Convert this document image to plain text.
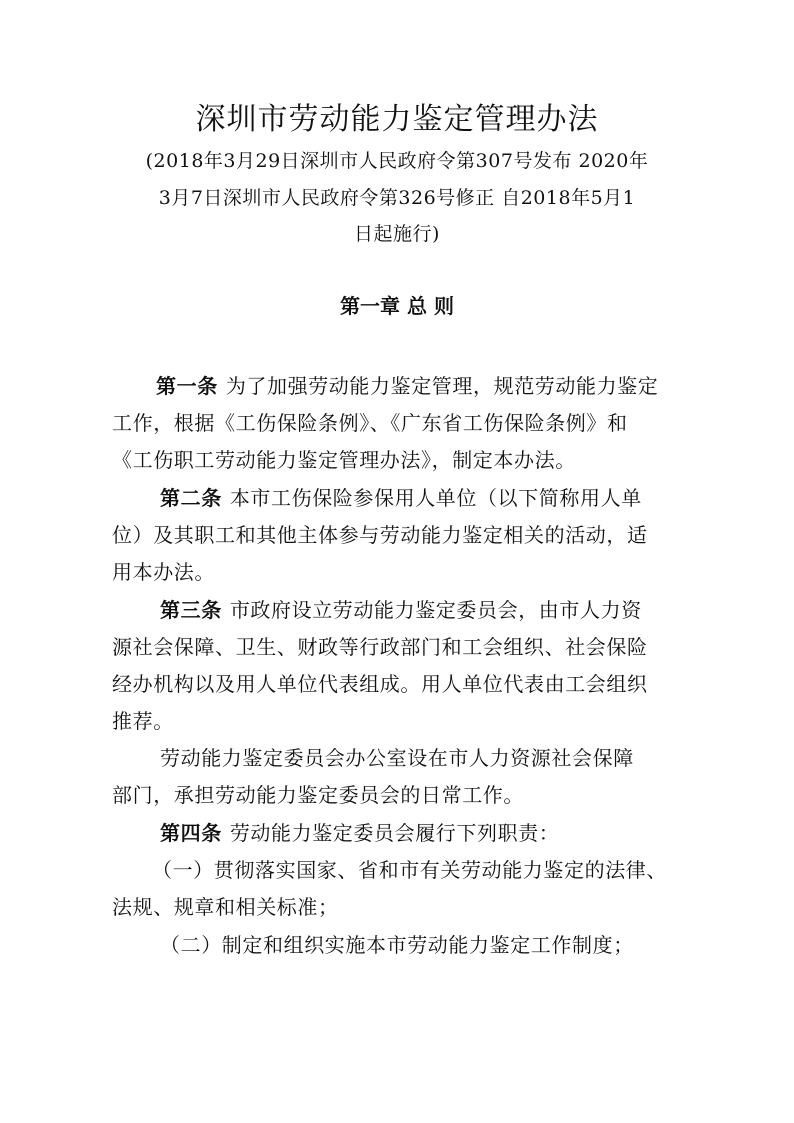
深圳市劳动能力鉴定管理办法
(2018年3月29日深圳市人民政府令第307号发布 2020年
3月7日深圳市人民政府令第326号修正 自2018年5月1
日起施行)
第一章 总 则
第一条 为了加强劳动能力鉴定管理，规范劳动能力鉴定
工作，根据《工伤保险条例》、《广东省工伤保险条例》和
《工伤职工劳动能力鉴定管理办法》，制定本办法。
第二条 本市工伤保险参保用人单位（以下简称用人单
位）及其职工和其他主体参与劳动能力鉴定相关的活动，适
用本办法。
第三条 市政府设立劳动能力鉴定委员会，由市人力资
源社会保障、卫生、财政等行政部门和工会组织、社会保险
经办机构以及用人单位代表组成。用人单位代表由工会组织
推荐。
劳动能力鉴定委员会办公室设在市人力资源社会保障
部门，承担劳动能力鉴定委员会的日常工作。
第四条 劳动能力鉴定委员会履行下列职责：
（一）贯彻落实国家、省和市有关劳动能力鉴定的法律、
法规、规章和相关标准；
（二）制定和组织实施本市劳动能力鉴定工作制度；
